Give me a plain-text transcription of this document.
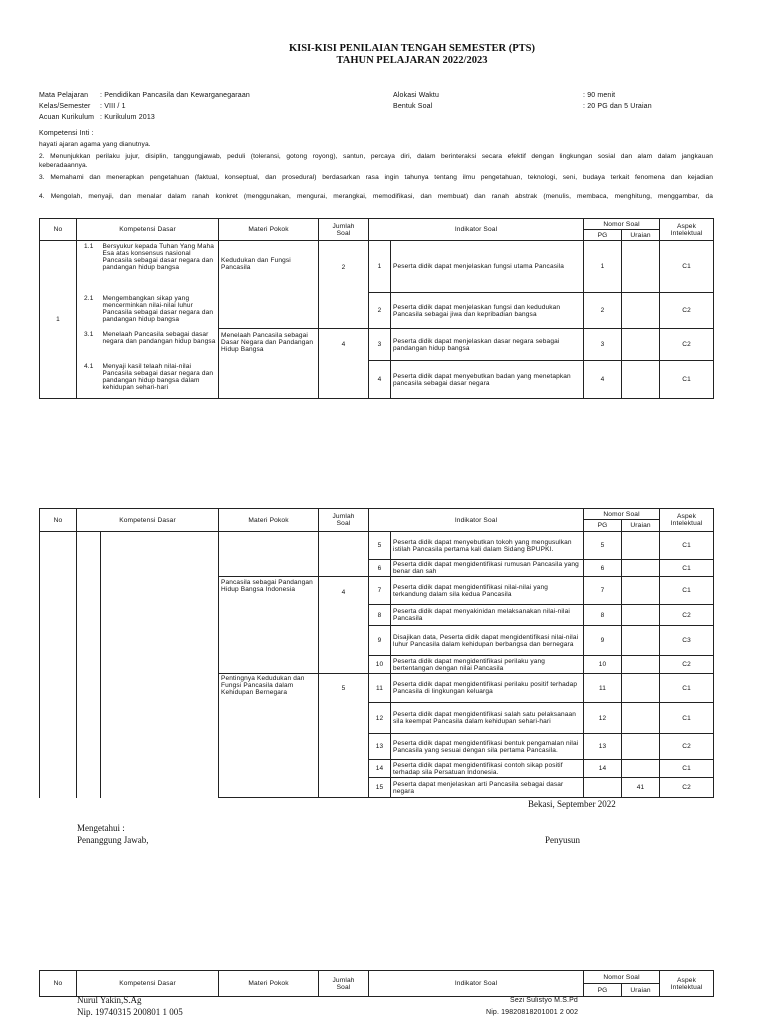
KISI-KISI PENILAIAN TENGAH SEMESTER (PTS)
TAHUN PELAJARAN 2022/2023
Mata Pelajaran : Pendidikan Pancasila dan Kewarganegaraan
Kelas/Semester : VIII / 1
Acuan Kurikulum : Kurikulum 2013
Alokasi Waktu	: 90 menit
Bentuk Soal	: 20 PG dan 5 Uraian
Kompetensi Inti :
hayati ajaran agama yang dianutnya.
2. Menunjukkan perilaku jujur, disiplin, tanggungjawab, peduli (toleransi, gotong royong), santun, percaya diri, dalam berinteraksi secara efektif dengan lingkungan sosial dan alam dalam jangkauan
keberadaannya.
3. Memahami dan menerapkan pengetahuan (faktual, konseptual, dan prosedural) berdasarkan rasa ingin tahunya tentang ilmu pengetahuan, teknologi, seni, budaya terkait fenomena dan kejadian
4. Mengolah, menyaji, dan menalar dalam ranah konkret (menggunakan, mengurai, merangkai, memodifikasi, dan membuat) dan ranah abstrak (menulis, membaca, menghitung, menggambar, da
No	Kompetensi Dasar		Materi Pokok	Jumlah
Soal	Indikator Soal		Nomor Soal		Aspek
Intelektual
							PG	Uraian	
1	1.1	Bersyukur kepada Tuhan Yang Maha Esa atas konsensus nasional Pancasila sebagai dasar negara dan pandangan hidup bangsa	Kedudukan dan Fungsi Pancasila	2	1	Peserta didik dapat menjelaskan fungsi utama Pancasila	1		C1
	2.1	Mengembangkan sikap yang mencerminkan nilai-nilai luhur Pancasila sebagai dasar negara dan pandangan hidup bangsa			2	Peserta didik dapat menjelaskan fungsi dan kedudukan Pancasila sebagai jiwa dan kepribadian bangsa	2		C2
	3.1	Menelaah Pancasila sebagai dasar negara dan pandangan hidup bangsa	Menelaah Pancasila sebagai Dasar Negara dan Pandangan Hidup Bangsa	4	3	Peserta didik dapat menjelaskan dasar negara sebagai pandangan hidup bangsa	3		C2
	4.1	Menyaji kasil telaah nilai-nilai Pancasila sebagai dasar negara dan pandangan hidup bangsa dalam kehidupan sehari-hari			4	Peserta didik dapat menyebutkan badan yang menetapkan pancasila sebagai dasar negara	4		C1
No	Kompetensi Dasar		Materi Pokok	Jumlah
Soal	Indikator Soal		Nomor Soal		Aspek
Intelektual
							PG	Uraian	
					5	Peserta didik dapat menyebutkan tokoh yang mengusulkan istilah Pancasila pertama kali dalam Sidang BPUPKI.	5		C1
					6	Peserta didik dapat mengidentifikasi rumusan Pancasila yang benar dan sah	6		C1
			Pancasila sebagai Pandangan Hidup Bangsa Indonesia	4	7	Peserta didik dapat mengidentifikasi nilai-nilai yang terkandung dalam sila kedua Pancasila	7		C1
					8	Peserta didik dapat menyakinidan melaksanakan nilai-nilai Pancasila	8		C2
					9	Disajikan data, Peserta didik dapat mengidentifikasi nilai-nilai luhur Pancasila dalam kehidupan berbangsa dan bernegara	9		C3
					10	Peserta didik dapat mengidentifikasi perilaku yang bertentangan dengan nilai Pancasila	10		C2
			Pentingnya Kedudukan dan Fungsi Pancasila dalam Kehidupan Bernegara	5	11	Peserta didik dapat mengidentifikasi perilaku positif terhadap Pancasila di lingkungan keluarga	11		C1
					12	Peserta didik dapat mengidentifikasi salah satu pelaksanaan sila keempat Pancasila dalam kehidupan sehari-hari	12		C1
					13	Peserta didik dapat mengidentifikasi bentuk pengamalan nilai Pancasila yang sesuai dengan sila pertama Pancasila.	13		C2
					14	Peserta didik dapat mengidentifikasi contoh sikap positif terhadap sila Persatuan Indonesia.	14		C1
					15	Peserta dapat menjelaskan arti Pancasila sebagai dasar negara		41	C2
No	Kompetensi Dasar	Materi Pokok	Jumlah
Soal	Indikator Soal	Nomor Soal		Aspek
Intelektual
					PG	Uraian	
Bekasi, September 2022
Mengetahui :
Penanggung Jawab,	Penyusun
Nurul Yakin,S.Ag
Nip. 19740315 200801 1 005
Sezi Sulistyo M.S.Pd
Nip. 19820818201001 2 002
